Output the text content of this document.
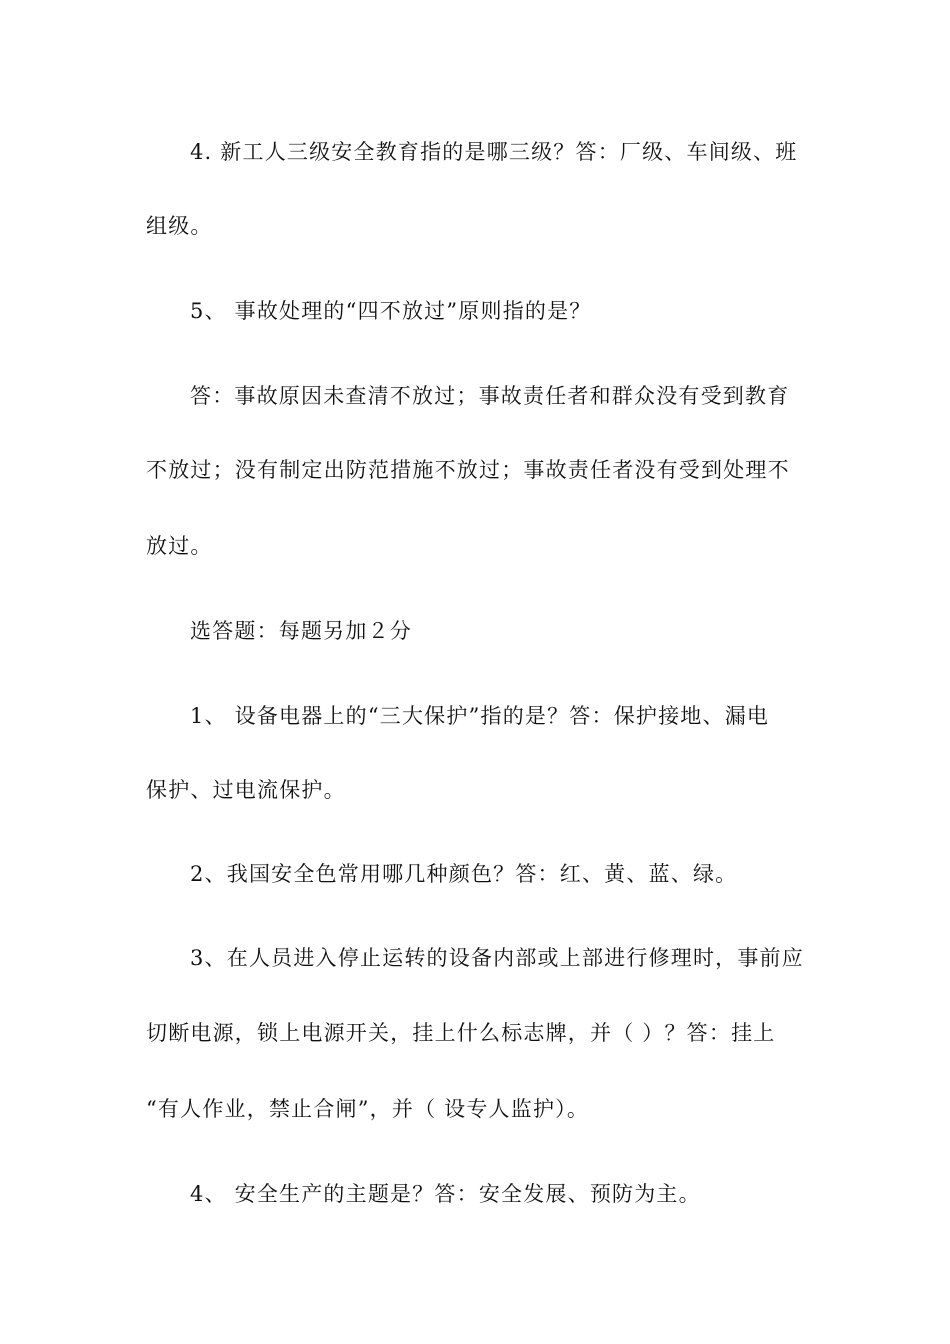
4. 新工人三级安全教育指的是哪三级？答：厂级、车间级、班
组级。
5、 事故处理的“四不放过”原则指的是？
答：事故原因未查清不放过；事故责任者和群众没有受到教育
不放过；没有制定出防范措施不放过；事故责任者没有受到处理不
放过。
选答题：每题另加２分
1、 设备电器上的“三大保护”指的是？答：保护接地、漏电
保护、过电流保护。
2、我国安全色常用哪几种颜色？答：红、黄、蓝、绿。
3、在人员进入停止运转的设备内部或上部进行修理时，事前应
切断电源，锁上电源开关，挂上什么标志牌，并（ ）？答：挂上
“有人作业，禁止合闸”，并（ 设专人监护）。
4、 安全生产的主题是？答：安全发展、预防为主。
